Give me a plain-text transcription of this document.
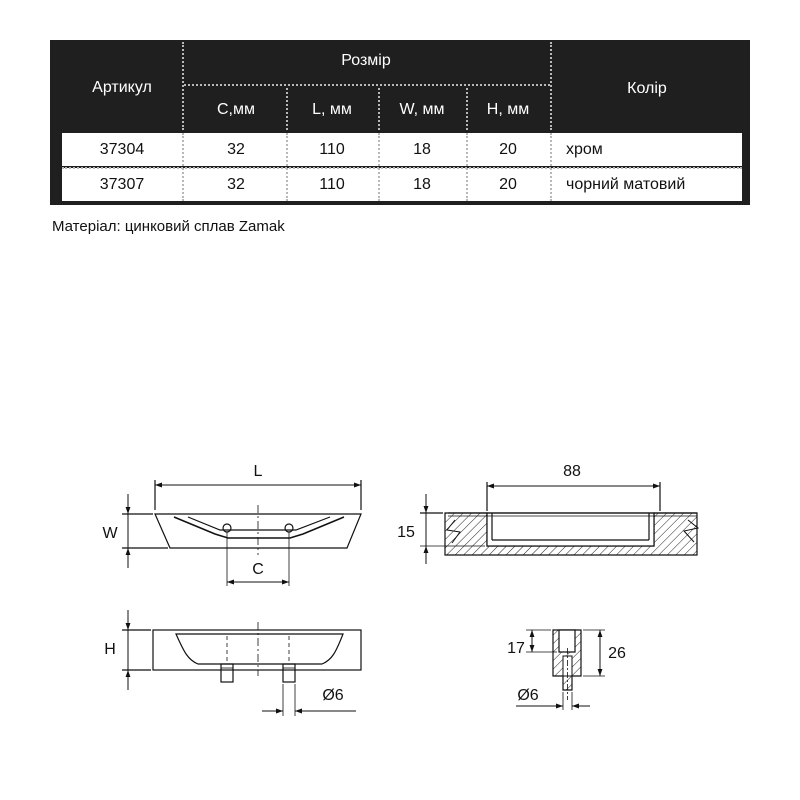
Артикул
Розмір
C,мм	L, мм	W, мм	H, мм
Колір
37304	32	110	18	20	хром
37307	32	110	18	20	чорний матовий
Матеріал: цинковий сплав Zamak
L
W
C
H
Ø6
88
15
17	26
Ø6
